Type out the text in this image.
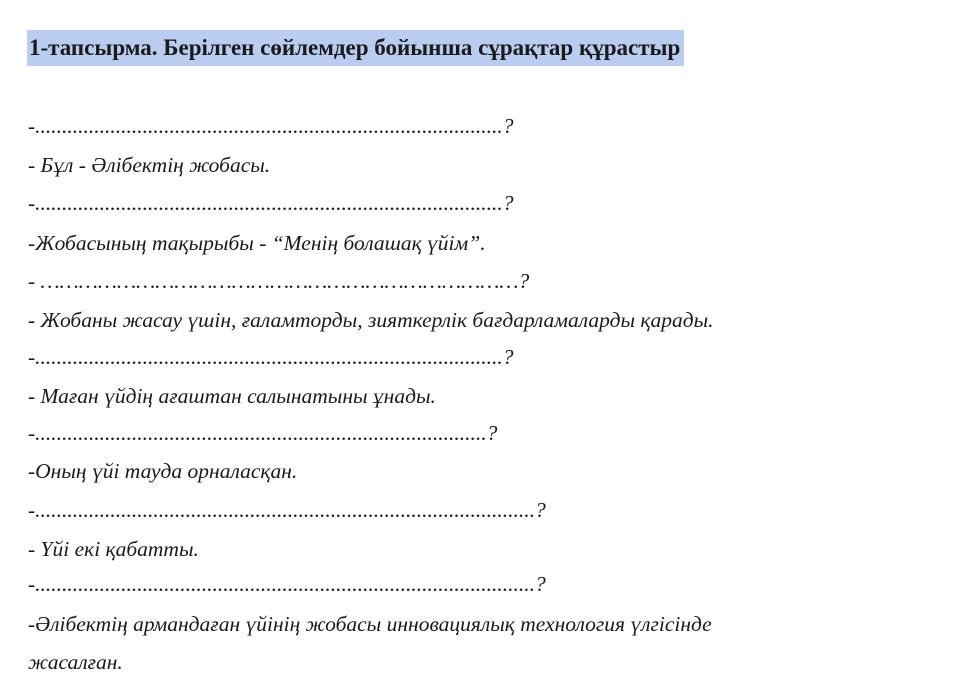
1-тапсырма. Берілген сөйлемдер бойынша сұрақтар құрастыр
-.......................................................................................?
- Бұл - Әлібектің жобасы.
-.......................................................................................?
-Жобасының тақырыбы - “Менің болашақ үйім”.
- …………………………………………………………………?
- Жобаны жасау үшін, ғаламторды, зияткерлік бағдарламаларды қарады.
-.......................................................................................?
- Маған үйдің ағаштан салынатыны ұнады.
-....................................................................................?
-Оның үйі тауда орналасқан.
-.............................................................................................?
- Үйі екі қабатты.
-.............................................................................................?
-Әлібектің армандаған үйінің жобасы инновациялық технология үлгісінде
жасалған.
